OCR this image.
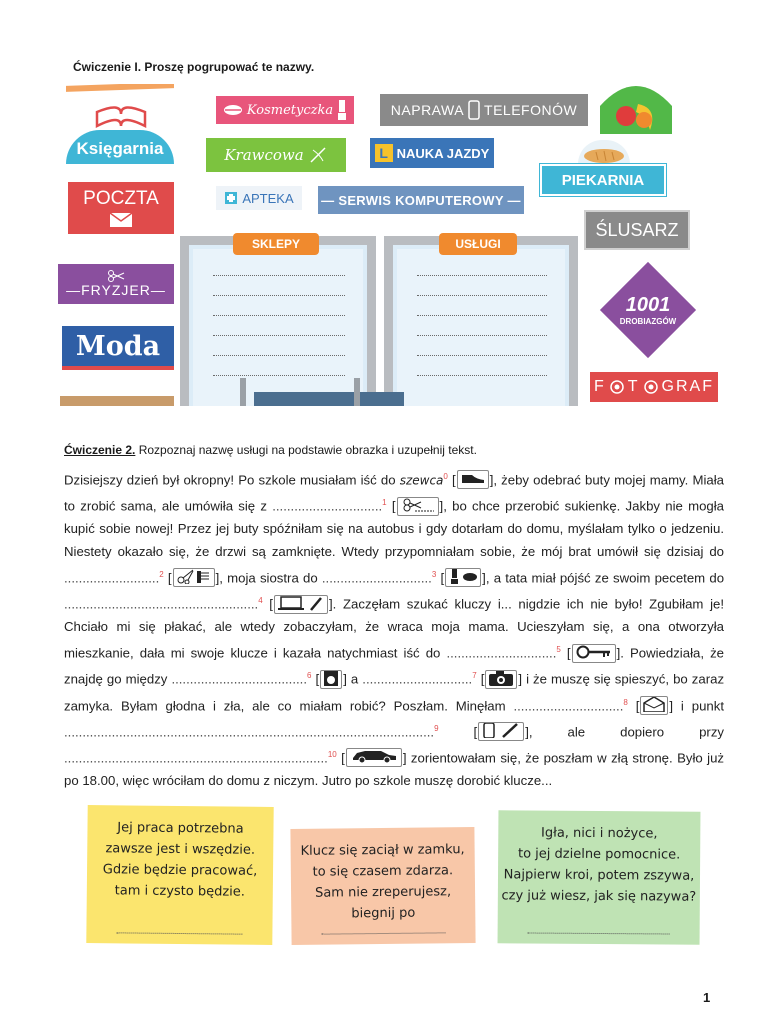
Ćwiczenie I. Proszę pogrupować te nazwy.
Księgarnia
Kosmetyczka	NAPRAWA TELEFONÓW
Krawcowa	L NAUKA JAZDY
PIEKARNIA
POCZTA	APTEKA — SERWIS KOMPUTEROWY —
ŚLUSARZ
—FRYZJER—
1001
DROBIAZGÓW
Moda
F T GRAF
SKLEPY	USŁUGI
Ćwiczenie 2. Rozpoznaj nazwę usługi na podstawie obrazka i uzupełnij tekst.
Dzisiejszy dzień był okropny! Po szkole musiałam iść do szewca$^0$ [	], żeby odebrać buty mojej mamy. Miała to zrobić sama, ale umówiła się z ..............................$^1$ [	], bo chce przerobić sukienkę. Jakby nie mogła kupić sobie nowej! Przez jej buty spóźniłam się na autobus i gdy dotarłam do domu, myślałam tylko o jedzeniu. Niestety okazało się, że drzwi są zamknięte. Wtedy przypomniałam sobie, że mój brat umówił się dzisiaj do ..........................$^2$ [	], moja siostra do ..............................$^3$ [	], a tata miał pójść ze swoim pecetem do .....................................................$^4$ [	]. Zaczęłam szukać kluczy i... nigdzie ich nie było! Zgubiłam je! Chciało mi się płakać, ale wtedy zobaczyłam, że wraca moja mama. Ucieszyłam się, a ona otworzyła mieszkanie, dała mi swoje klucze i kazała natychmiast iść do ..............................$^5$ [	]. Powiedziała, że znajdę go między .....................................$^6$ [ ] a ..............................$^7$ [	] i że muszę się spieszyć, bo zaraz zamyka. Byłam głodna i zła, ale co miałam robić? Poszłam. Minęłam ..............................$^8$ [ ] i punkt .....................................................................................................$^9$ [	], ale dopiero przy ........................................................................$^{10}$ [	] zorientowałam się, że poszłam w złą stronę. Było już po 18.00, więc wróciłam do domu z niczym. Jutro po szkole muszę dorobić klucze...
Jej praca potrzebna
zawsze jest i wszędzie.
Gdzie będzie pracować,
tam i czysto będzie.
Klucz się zaciął w zamku,
to się czasem zdarza.
Sam nie zreperujesz,
biegnij po
Igła, nici i nożyce,
to jej dzielne pomocnice.
Najpierw kroi, potem zszywa,
czy już wiesz, jak się nazywa?
1
